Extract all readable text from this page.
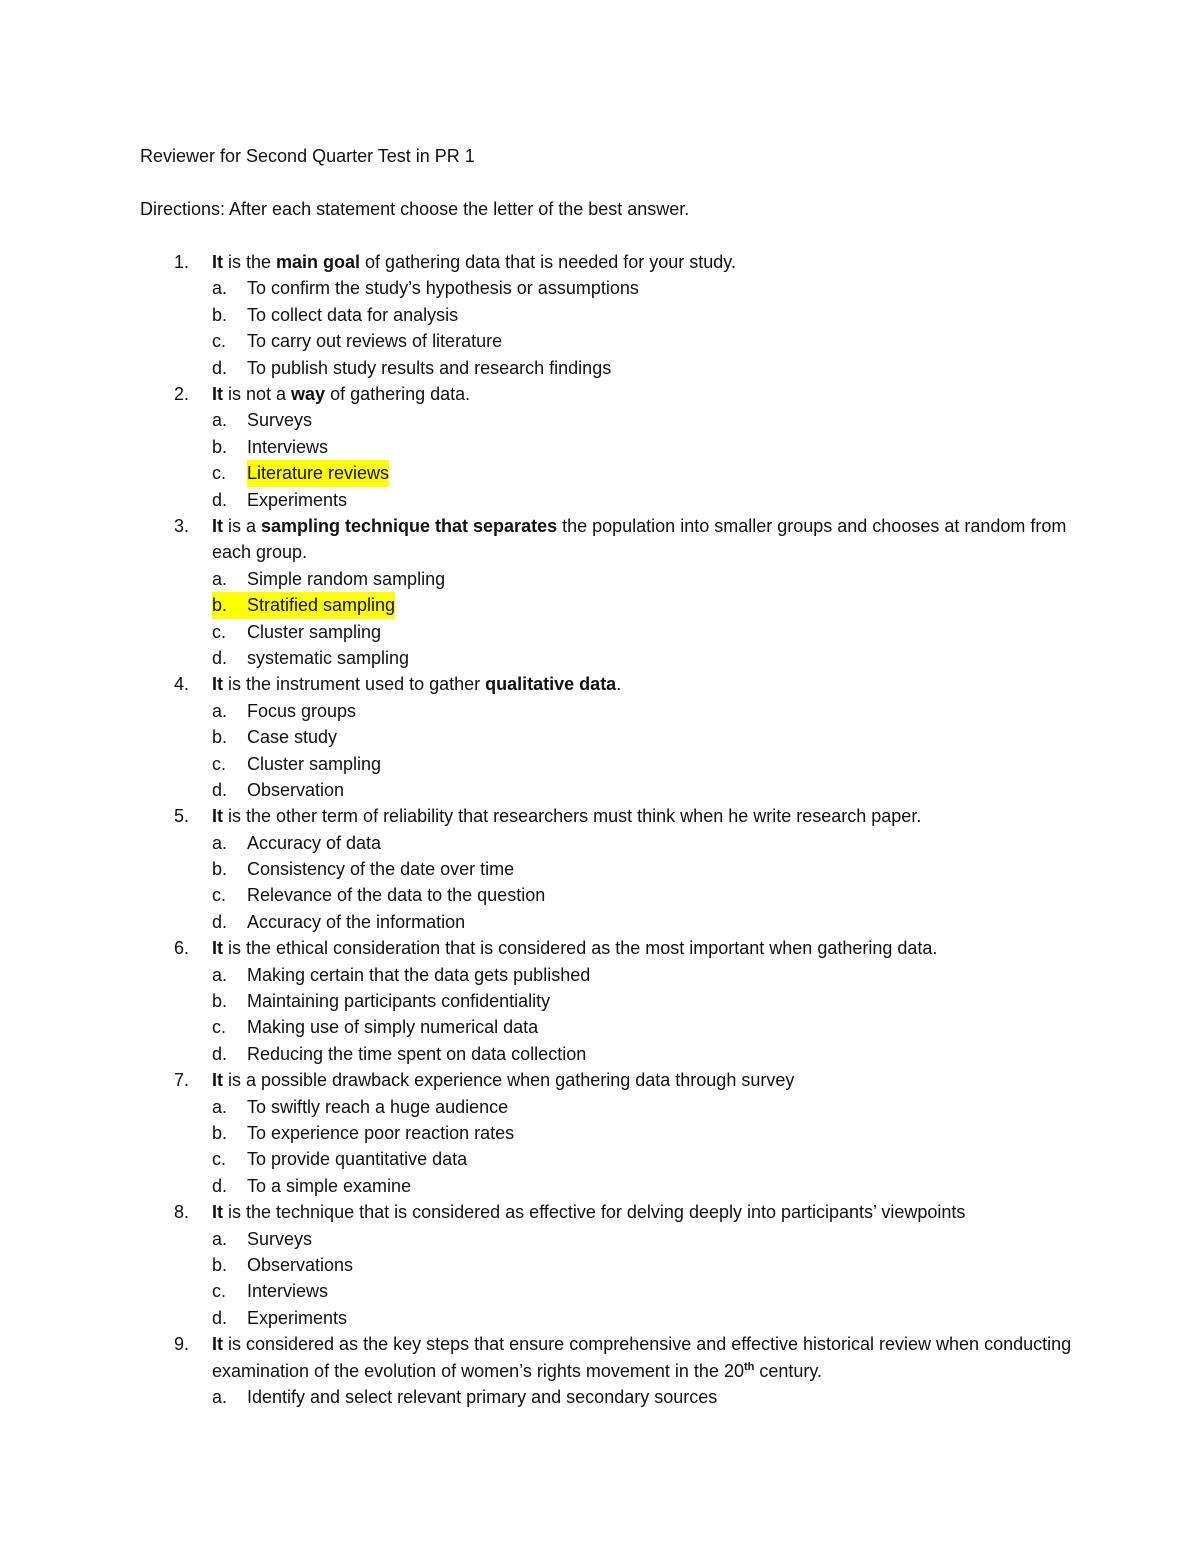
Reviewer for Second Quarter Test in PR 1
Directions: After each statement choose the letter of the best answer.
1.	It is the main goal of gathering data that is needed for your study.
a. To confirm the study’s hypothesis or assumptions
b. To collect data for analysis
c. To carry out reviews of literature
d. To publish study results and research findings
2.	It is not a way of gathering data.
a. Surveys
b. Interviews
c. Literature reviews
d. Experiments
3.	It is a sampling technique that separates the population into smaller groups and chooses at random from each group.
a. Simple random sampling
b. Stratified sampling
c. Cluster sampling
d. systematic sampling
4.	It is the instrument used to gather qualitative data.
a. Focus groups
b. Case study
c. Cluster sampling
d. Observation
5.	It is the other term of reliability that researchers must think when he write research paper.
a. Accuracy of data
b. Consistency of the date over time
c. Relevance of the data to the question
d. Accuracy of the information
6.	It is the ethical consideration that is considered as the most important when gathering data.
a. Making certain that the data gets published
b. Maintaining participants confidentiality
c. Making use of simply numerical data
d. Reducing the time spent on data collection
7.	It is a possible drawback experience when gathering data through survey
a. To swiftly reach a huge audience
b. To experience poor reaction rates
c. To provide quantitative data
d. To a simple examine
8.	It is the technique that is considered as effective for delving deeply into participants’ viewpoints
a. Surveys
b. Observations
c. Interviews
d. Experiments
9.	It is considered as the key steps that ensure comprehensive and effective historical review when conducting examination of the evolution of women’s rights movement in the 20th century.
a. Identify and select relevant primary and secondary sources
